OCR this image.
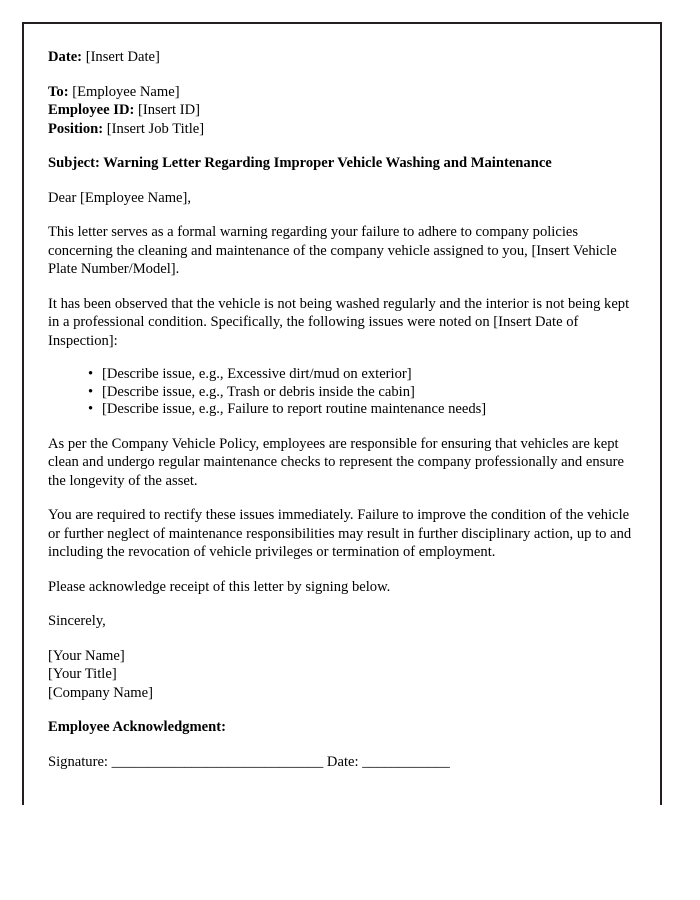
Date: [Insert Date]
To: [Employee Name]
Employee ID: [Insert ID]
Position: [Insert Job Title]
Subject: Warning Letter Regarding Improper Vehicle Washing and Maintenance

Dear [Employee Name],

This letter serves as a formal warning regarding your failure to adhere to company policies concerning the cleaning and maintenance of the company vehicle assigned to you, [Insert Vehicle Plate Number/Model].

It has been observed that the vehicle is not being washed regularly and the interior is not being kept in a professional condition. Specifically, the following issues were noted on [Insert Date of Inspection]:

• [Describe issue, e.g., Excessive dirt/mud on exterior]
• [Describe issue, e.g., Trash or debris inside the cabin]
• [Describe issue, e.g., Failure to report routine maintenance needs]

As per the Company Vehicle Policy, employees are responsible for ensuring that vehicles are kept clean and undergo regular maintenance checks to represent the company professionally and ensure the longevity of the asset.

You are required to rectify these issues immediately. Failure to improve the condition of the vehicle or further neglect of maintenance responsibilities may result in further disciplinary action, up to and including the revocation of vehicle privileges or termination of employment.

Please acknowledge receipt of this letter by signing below.

Sincerely,

[Your Name]
[Your Title]
[Company Name]
Employee Acknowledgment:
Signature: _____________________________ Date: ____________
